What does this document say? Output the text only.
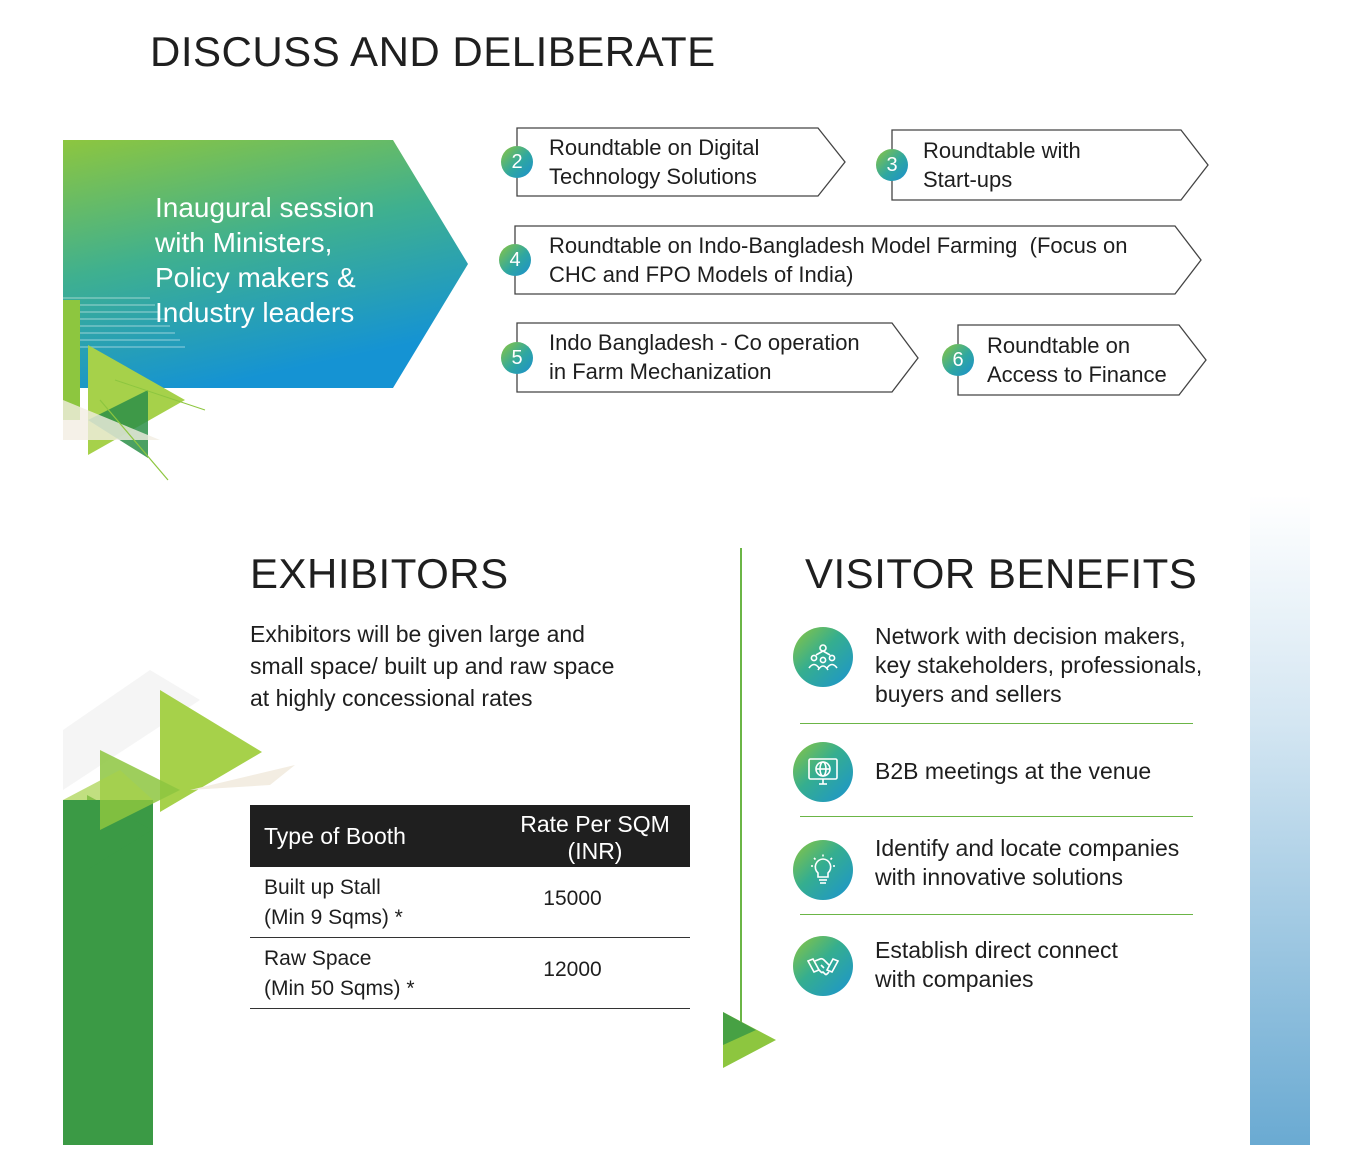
DISCUSS AND DELIBERATE
Inaugural session
with Ministers,
Policy makers &
Industry leaders
2
Roundtable on Digital
Technology Solutions	3
Roundtable with
Start-ups
4
Roundtable on Indo-Bangladesh Model Farming  (Focus on
CHC and FPO Models of India)
5
Indo Bangladesh - Co operation
in Farm Mechanization	6
Roundtable on
Access to Finance
EXHIBITORS
Exhibitors will be given large and
small space/ built up and raw space
at highly concessional rates
Type of Booth	Rate Per SQM
(INR)
Built up Stall
(Min 9 Sqms) *
15000
Raw Space
(Min 50 Sqms) *
12000
VISITOR BENEFITS
Network with decision makers,
key stakeholders, professionals,
buyers and sellers
B2B meetings at the venue
Identify and locate companies
with innovative solutions
Establish direct connect
with companies
